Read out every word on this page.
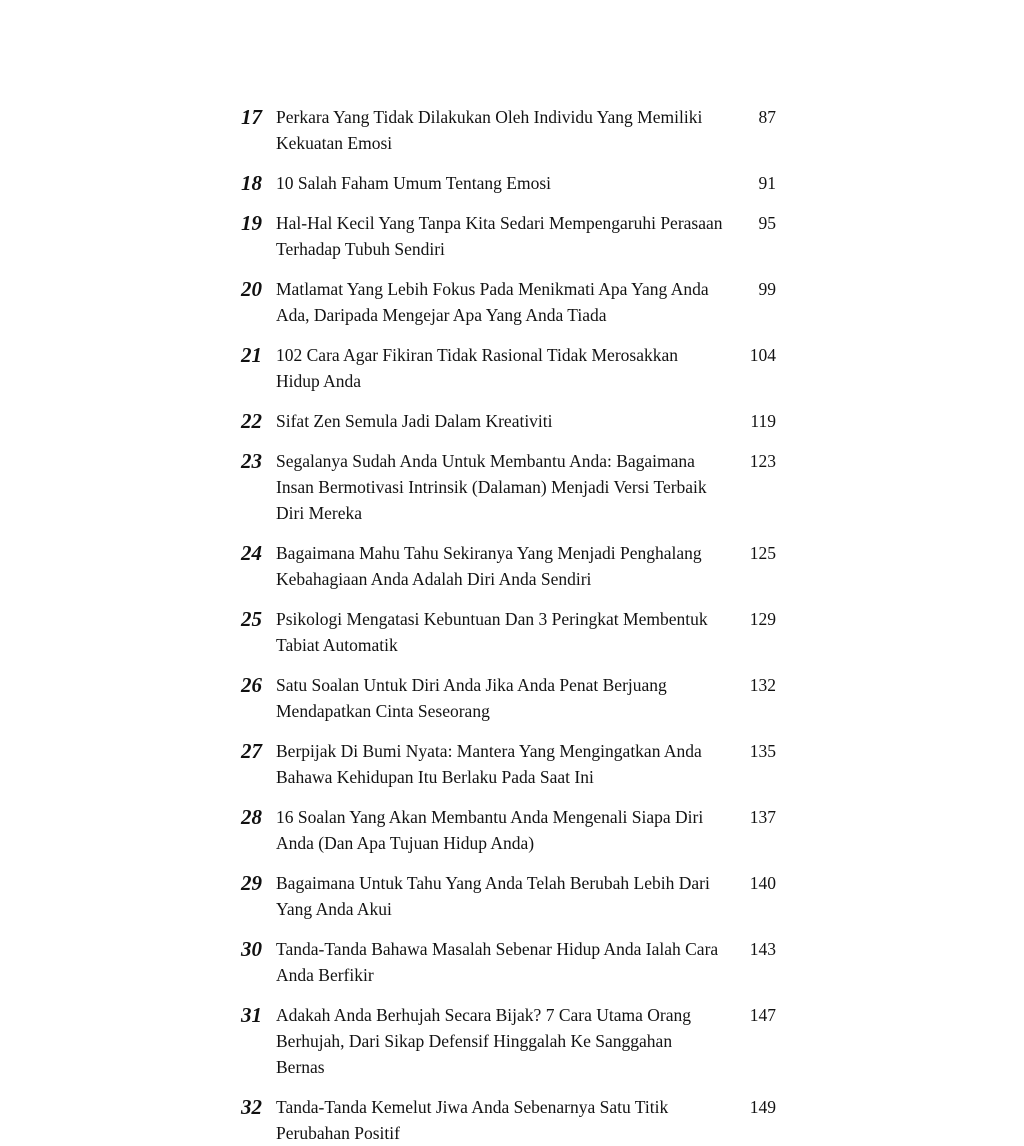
17 Perkara Yang Tidak Dilakukan Oleh Individu Yang Memiliki Kekuatan Emosi
87
18 10 Salah Faham Umum Tentang Emosi	91
19 Hal-Hal Kecil Yang Tanpa Kita Sedari Mempengaruhi Perasaan Terhadap Tubuh Sendiri
95
20 Matlamat Yang Lebih Fokus Pada Menikmati Apa Yang Anda Ada, Daripada Mengejar Apa Yang Anda Tiada
99
21 102 Cara Agar Fikiran Tidak Rasional Tidak Merosakkan Hidup Anda
104
22 Sifat Zen Semula Jadi Dalam Kreativiti	119
23 Segalanya Sudah Anda Untuk Membantu Anda: Bagaimana Insan Bermotivasi Intrinsik (Dalaman) Menjadi Versi Terbaik Diri Mereka
123
24 Bagaimana Mahu Tahu Sekiranya Yang Menjadi Penghalang Kebahagiaan Anda Adalah Diri Anda Sendiri
125
25 Psikologi Mengatasi Kebuntuan Dan 3 Peringkat Membentuk Tabiat Automatik
129
26 Satu Soalan Untuk Diri Anda Jika Anda Penat Berjuang Mendapatkan Cinta Seseorang
132
27 Berpijak Di Bumi Nyata: Mantera Yang Mengingatkan Anda Bahawa Kehidupan Itu Berlaku Pada Saat Ini
135
28 16 Soalan Yang Akan Membantu Anda Mengenali Siapa Diri Anda (Dan Apa Tujuan Hidup Anda)
137
29 Bagaimana Untuk Tahu Yang Anda Telah Berubah Lebih Dari Yang Anda Akui
140
30 Tanda-Tanda Bahawa Masalah Sebenar Hidup Anda Ialah Cara Anda Berfikir
143
31 Adakah Anda Berhujah Secara Bijak? 7 Cara Utama Orang Berhujah, Dari Sikap Defensif Hinggalah Ke Sanggahan Bernas
147
32 Tanda-Tanda Kemelut Jiwa Anda Sebenarnya Satu Titik Perubahan Positif
149
